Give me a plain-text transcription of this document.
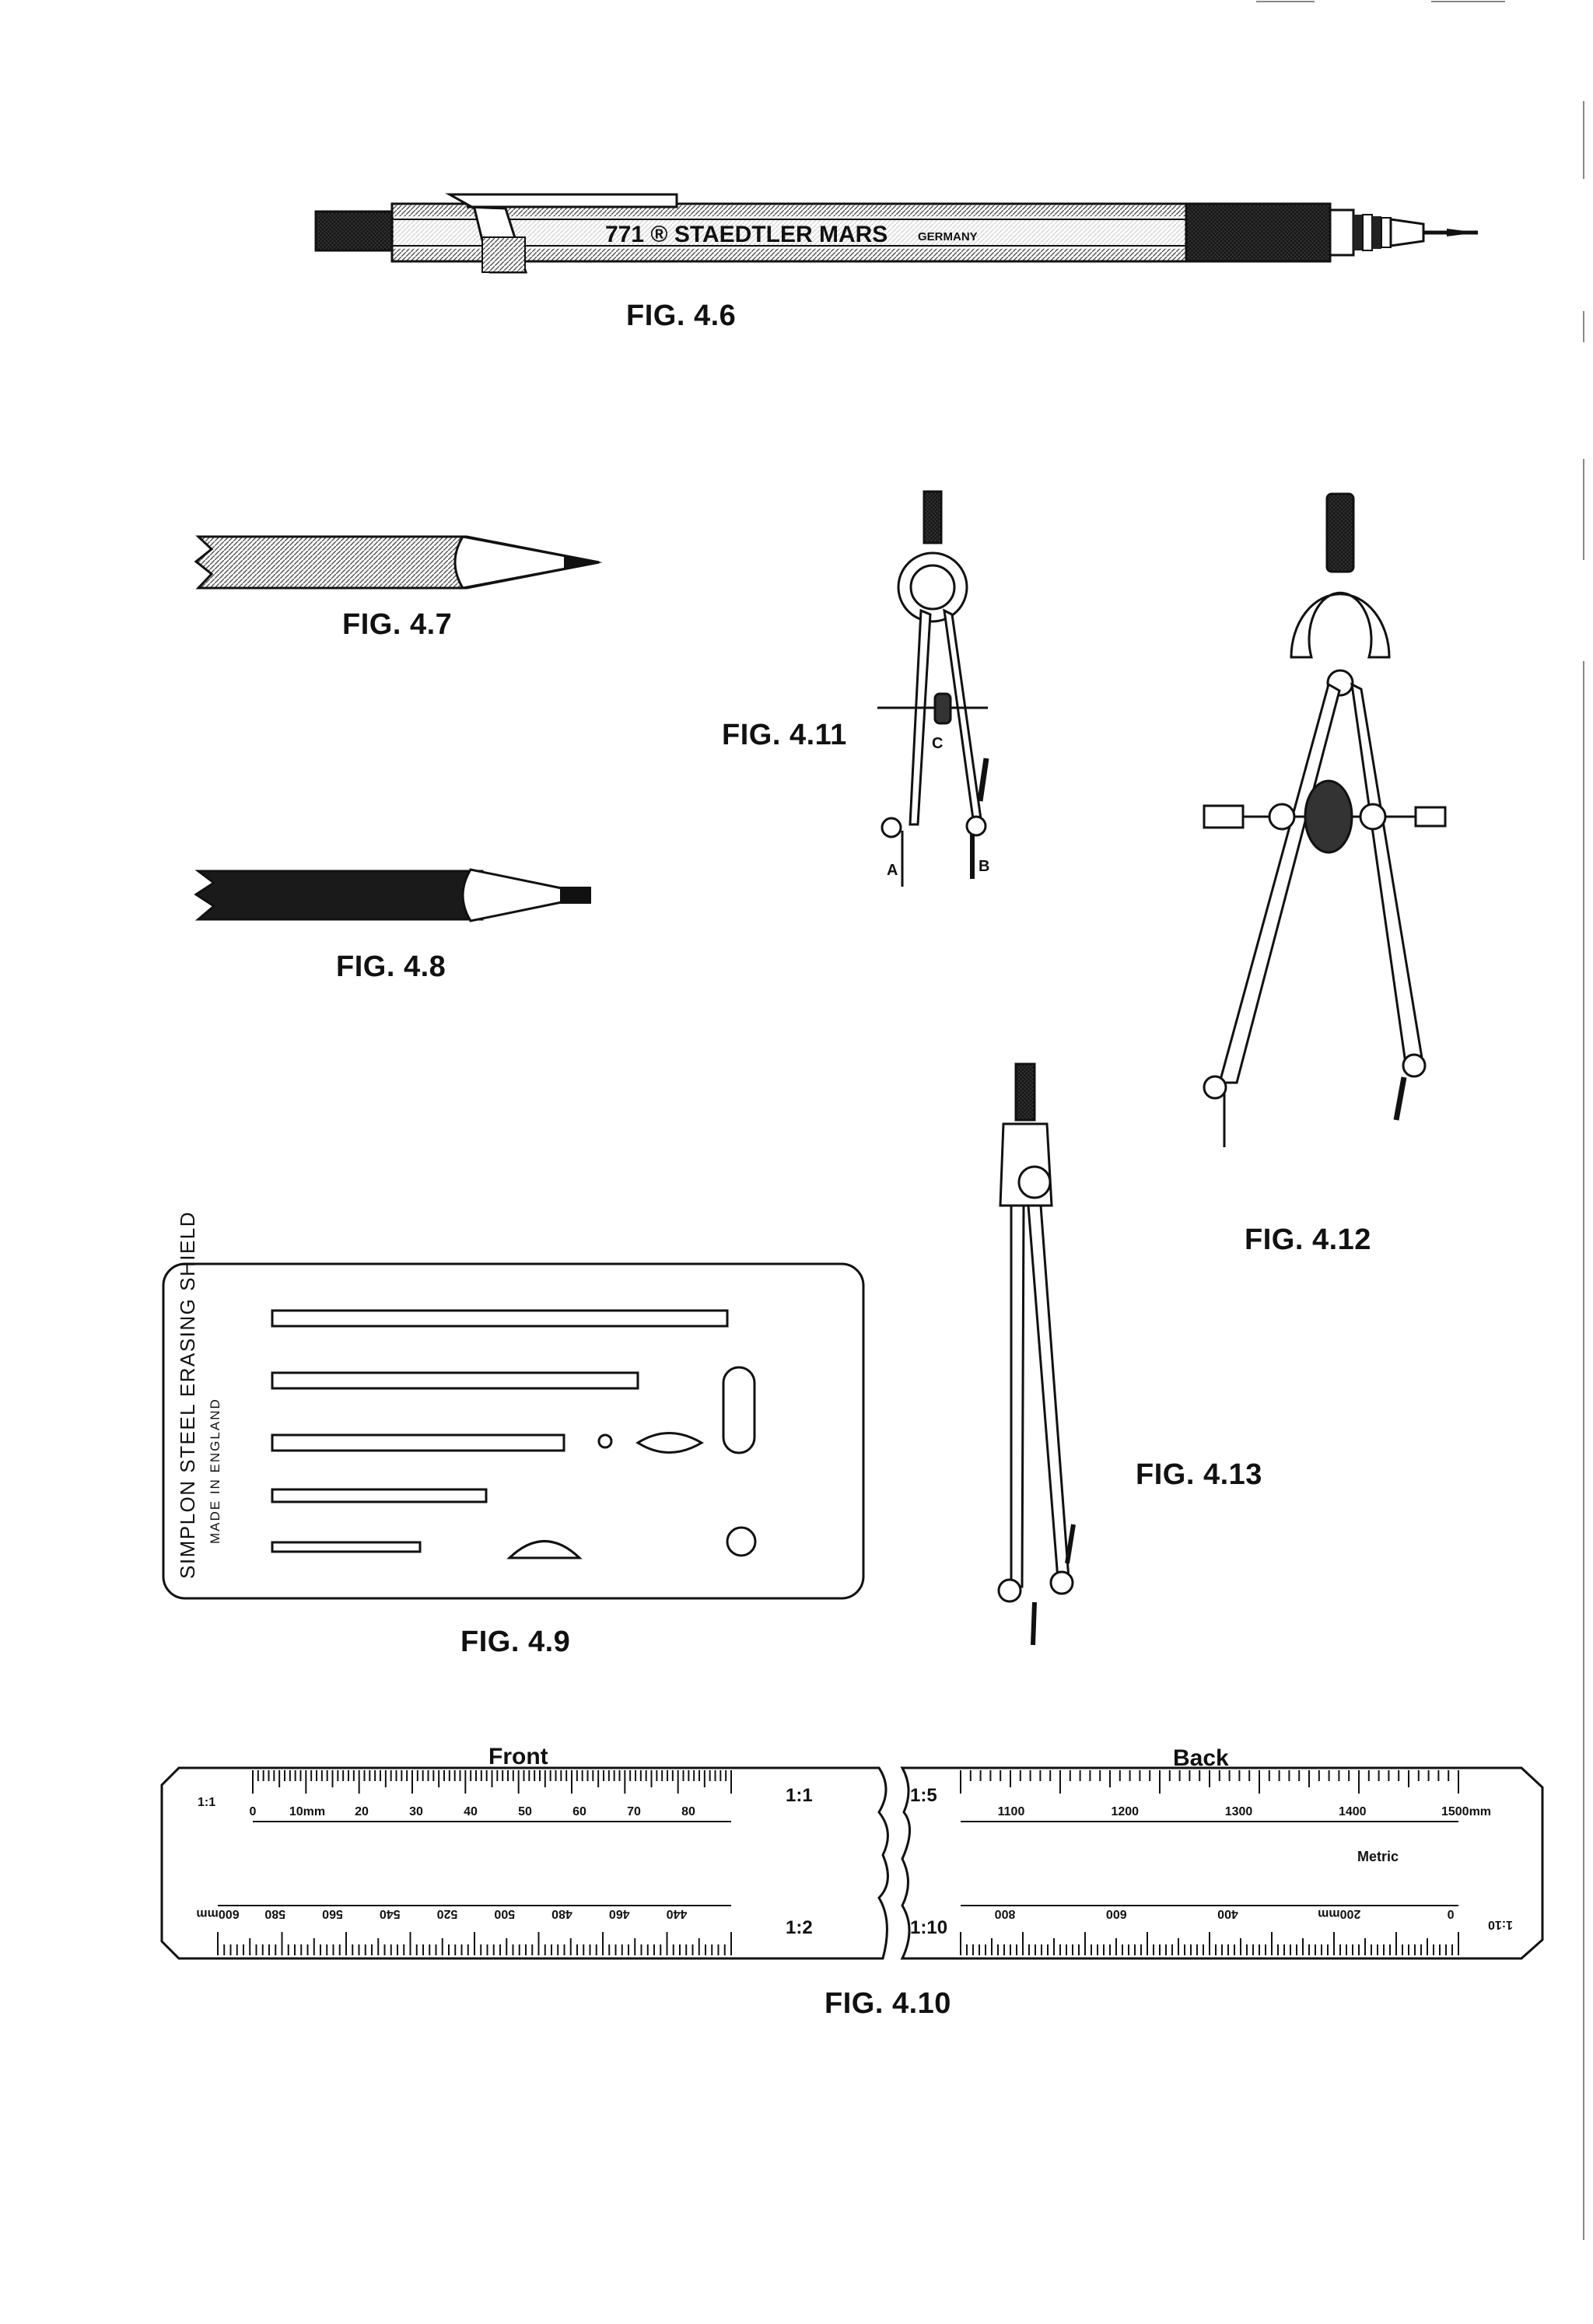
771 ® STAEDTLER MARS	GERMANY
A	B
C
SIMPLON STEEL ERASING SHIELD MADE IN ENGLAND
Front	Back
Metric
1:1	1:1
1:2
1:5
1:10	1:10
0	10mm 20	30	40	50	60	70	80
600mm 580	560	540	520	500	480	460	440
1100	1200	1300	1400	1500mm
800	600	400	200mm	0
FIG. 4.6
FIG. 4.7
FIG. 4.8
FIG. 4.11
FIG. 4.12
FIG. 4.13
FIG. 4.9
FIG. 4.10
